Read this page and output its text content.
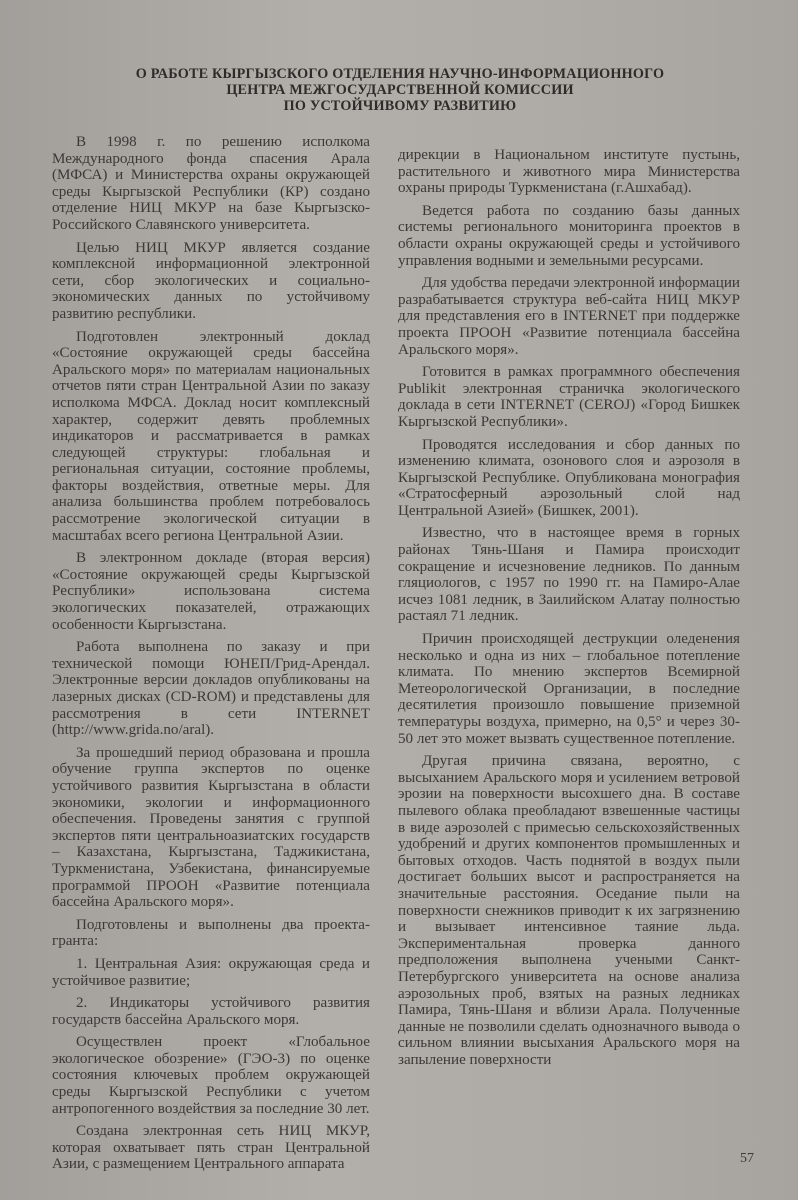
О РАБОТЕ КЫРГЫЗСКОГО ОТДЕЛЕНИЯ НАУЧНО-ИНФОРМАЦИОННОГО
ЦЕНТРА МЕЖГОСУДАРСТВЕННОЙ КОМИССИИ
ПО УСТОЙЧИВОМУ РАЗВИТИЮ

В 1998 г. по решению исполкома Международного фонда спасения Арала (МФСА) и Министерства охраны окружающей среды Кыргызской Республики (КР) создано отделение НИЦ МКУР на базе Кыргызско-Российского Славянского университета.

Целью НИЦ МКУР является создание комплексной информационной электронной сети, сбор экологических и социально-экономических данных по устойчивому развитию республики.

Подготовлен электронный доклад «Состояние окружающей среды бассейна Аральского моря» по материалам национальных отчетов пяти стран Центральной Азии по заказу исполкома МФСА. Доклад носит комплексный характер, содержит девять проблемных индикаторов и рассматривается в рамках следующей структуры: глобальная и региональная ситуации, состояние проблемы, факторы воздействия, ответные меры. Для анализа большинства проблем потребовалось рассмотрение экологической ситуации в масштабах всего региона Центральной Азии.

В электронном докладе (вторая версия) «Состояние окружающей среды Кыргызской Республики» использована система экологических показателей, отражающих особенности Кыргызстана.

Работа выполнена по заказу и при технической помощи ЮНЕП/Грид-Арендал. Электронные версии докладов опубликованы на лазерных дисках (CD-ROM) и представлены для рассмотрения в сети INTERNET (http://www.grida.no/aral).

За прошедший период образована и прошла обучение группа экспертов по оценке устойчивого развития Кыргызстана в области экономики, экологии и информационного обеспечения. Проведены занятия с группой экспертов пяти центральноазиатских государств – Казахстана, Кыргызстана, Таджикистана, Туркменистана, Узбекистана, финансируемые программой ПРООН «Развитие потенциала бассейна Аральского моря».

Подготовлены и выполнены два проекта-гранта:

1. Центральная Азия: окружающая среда и устойчивое развитие;

2. Индикаторы устойчивого развития государств бассейна Аральского моря.

Осуществлен проект «Глобальное экологическое обозрение» (ГЭО-3) по оценке состояния ключевых проблем окружающей среды Кыргызской Республики с учетом антропогенного воздействия за последние 30 лет.

Создана электронная сеть НИЦ МКУР, которая охватывает пять стран Центральной Азии, с размещением Центрального аппарата

дирекции в Национальном институте пустынь, растительного и животного мира Министерства охраны природы Туркменистана (г.Ашхабад).

Ведется работа по созданию базы данных системы регионального мониторинга проектов в области охраны окружающей среды и устойчивого управления водными и земельными ресурсами.

Для удобства передачи электронной информации разрабатывается структура веб-сайта НИЦ МКУР для представления его в INTERNET при поддержке проекта ПРООН «Развитие потенциала бассейна Аральского моря».

Готовится в рамках программного обеспечения Publikit электронная страничка экологического доклада в сети INTERNET (CEROJ) «Город Бишкек Кыргызской Республики».

Проводятся исследования и сбор данных по изменению климата, озонового слоя и аэрозоля в Кыргызской Республике. Опубликована монография «Стратосферный аэрозольный слой над Центральной Азией» (Бишкек, 2001).

Известно, что в настоящее время в горных районах Тянь-Шаня и Памира происходит сокращение и исчезновение ледников. По данным гляциологов, с 1957 по 1990 гг. на Памиро-Алае исчез 1081 ледник, в Заилийском Алатау полностью растаял 71 ледник.

Причин происходящей деструкции оледенения несколько и одна из них – глобальное потепление климата. По мнению экспертов Всемирной Метеорологической Организации, в последние десятилетия произошло повышение приземной температуры воздуха, примерно, на 0,5° и через 30-50 лет это может вызвать существенное потепление.

Другая причина связана, вероятно, с высыханием Аральского моря и усилением ветровой эрозии на поверхности высохшего дна. В составе пылевого облака преобладают взвешенные частицы в виде аэрозолей с примесью сельскохозяйственных удобрений и других компонентов промышленных и бытовых отходов. Часть поднятой в воздух пыли достигает больших высот и распространяется на значительные расстояния. Оседание пыли на поверхности снежников приводит к их загрязнению и вызывает интенсивное таяние льда. Экспериментальная проверка данного предположения выполнена учеными Санкт-Петербургского университета на основе анализа аэрозольных проб, взятых на разных ледниках Памира, Тянь-Шаня и вблизи Арала. Полученные данные не позволили сделать однозначного вывода о сильном влиянии высыхания Аральского моря на запыление поверхности

57
